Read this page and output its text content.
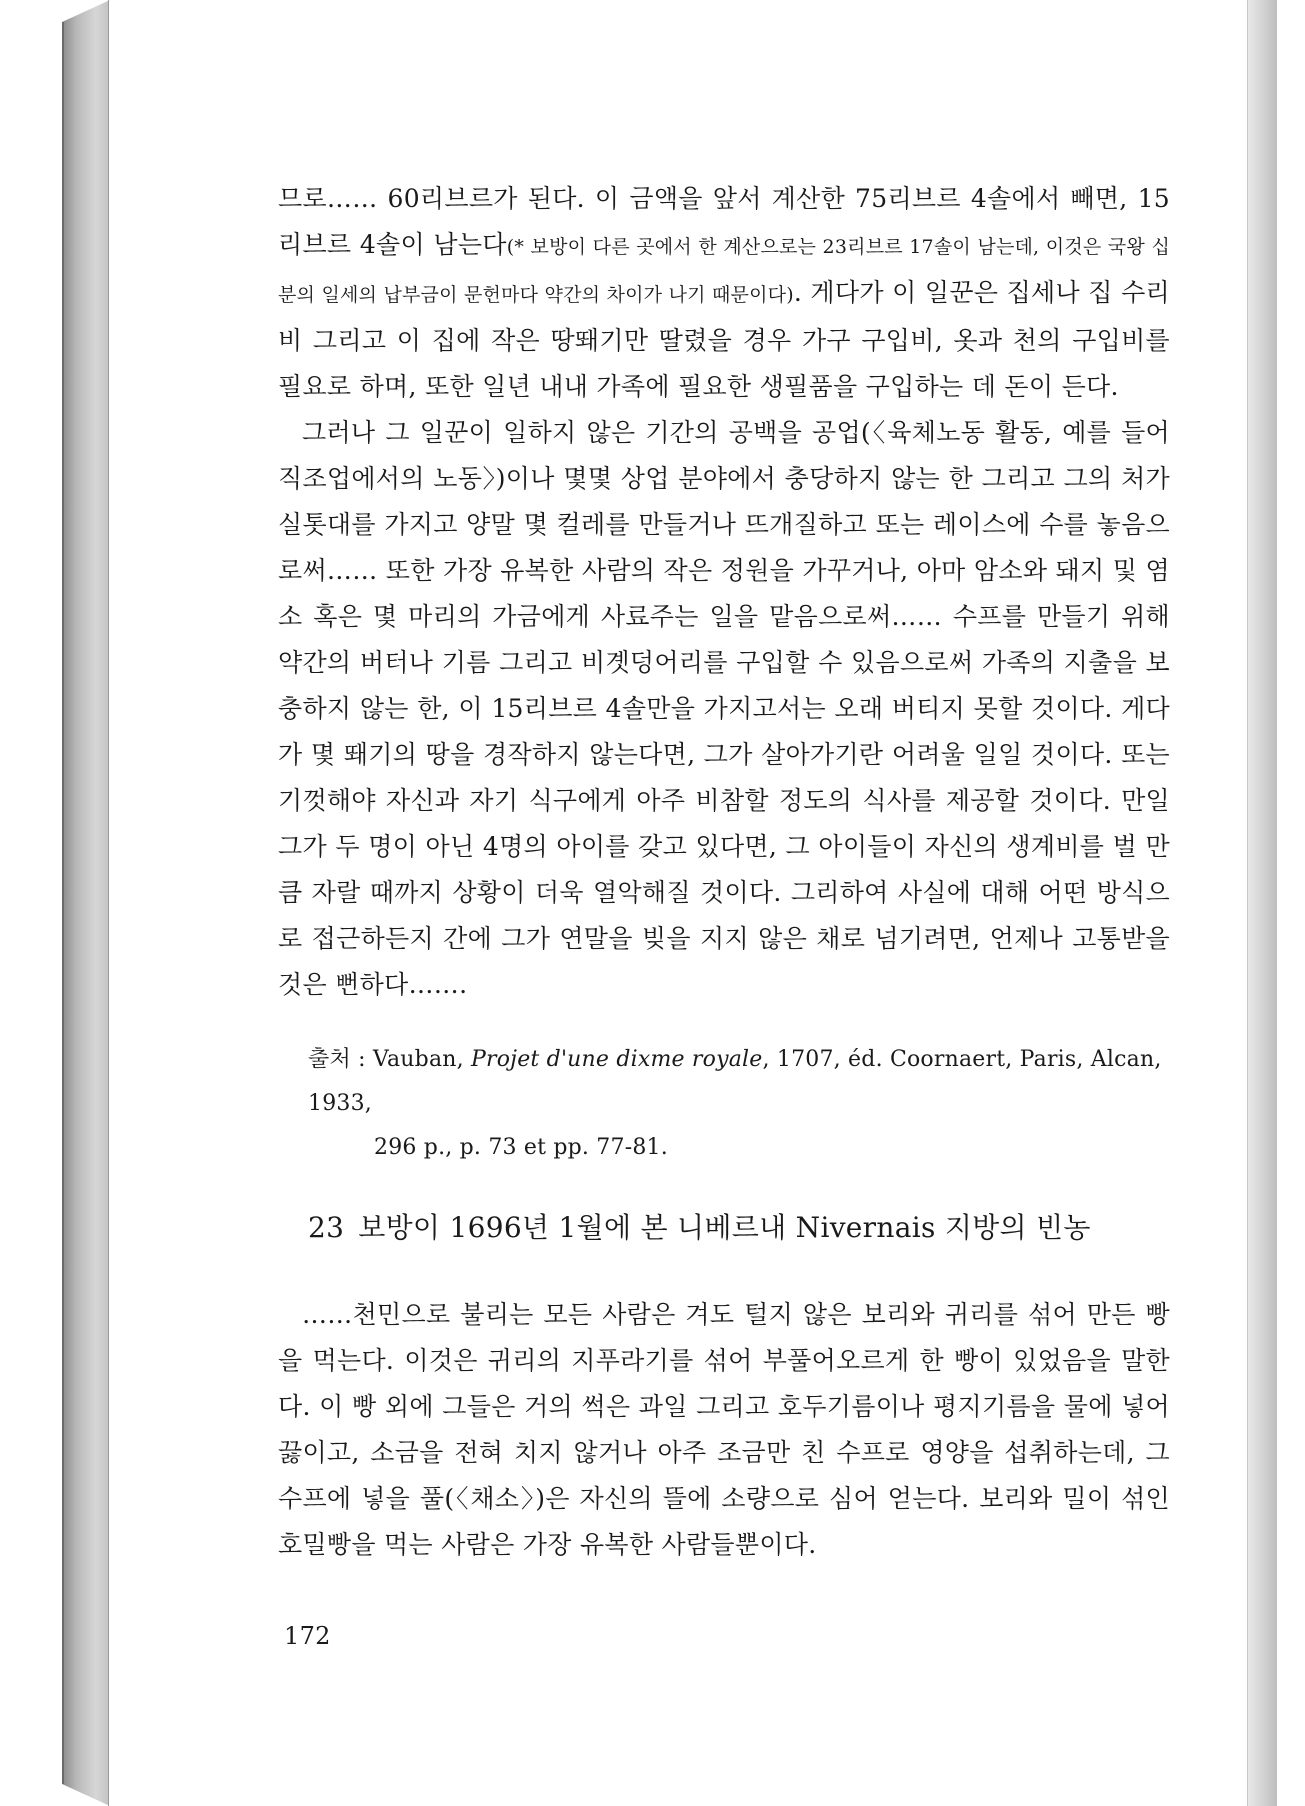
므로…… 60리브르가 된다. 이 금액을 앞서 계산한 75리브르 4솔에서 빼면, 15리브르 4솔이 남는다(* 보방이 다른 곳에서 한 계산으로는 23리브르 17솔이 남는데, 이것은 국왕 십분의 일세의 납부금이 문헌마다 약간의 차이가 나기 때문이다). 게다가 이 일꾼은 집세나 집 수리비 그리고 이 집에 작은 땅뙈기만 딸렸을 경우 가구 구입비, 옷과 천의 구입비를 필요로 하며, 또한 일년 내내 가족에 필요한 생필품을 구입하는 데 돈이 든다.

그러나 그 일꾼이 일하지 않은 기간의 공백을 공업(〈육체노동 활동, 예를 들어 직조업에서의 노동〉)이나 몇몇 상업 분야에서 충당하지 않는 한 그리고 그의 처가 실톳대를 가지고 양말 몇 컬레를 만들거나 뜨개질하고 또는 레이스에 수를 놓음으로써…… 또한 가장 유복한 사람의 작은 정원을 가꾸거나, 아마 암소와 돼지 및 염소 혹은 몇 마리의 가금에게 사료주는 일을 맡음으로써…… 수프를 만들기 위해 약간의 버터나 기름 그리고 비곗덩어리를 구입할 수 있음으로써 가족의 지출을 보충하지 않는 한, 이 15리브르 4솔만을 가지고서는 오래 버티지 못할 것이다. 게다가 몇 뙈기의 땅을 경작하지 않는다면, 그가 살아가기란 어려울 일일 것이다. 또는 기껏해야 자신과 자기 식구에게 아주 비참할 정도의 식사를 제공할 것이다. 만일 그가 두 명이 아닌 4명의 아이를 갖고 있다면, 그 아이들이 자신의 생계비를 벌 만큼 자랄 때까지 상황이 더욱 열악해질 것이다. 그리하여 사실에 대해 어떤 방식으로 접근하든지 간에 그가 연말을 빚을 지지 않은 채로 넘기려면, 언제나 고통받을 것은 뻔하다…….

출처 : Vauban, Projet d'une dixme royale, 1707, éd. Coornaert, Paris, Alcan, 1933,
296 p., p. 73 et pp. 77-81.
23 보방이 1696년 1월에 본 니베르내 Nivernais 지방의 빈농

……천민으로 불리는 모든 사람은 겨도 털지 않은 보리와 귀리를 섞어 만든 빵을 먹는다. 이것은 귀리의 지푸라기를 섞어 부풀어오르게 한 빵이 있었음을 말한다. 이 빵 외에 그들은 거의 썩은 과일 그리고 호두기름이나 평지기름을 물에 넣어 끓이고, 소금을 전혀 치지 않거나 아주 조금만 친 수프로 영양을 섭취하는데, 그 수프에 넣을 풀(〈채소〉)은 자신의 뜰에 소량으로 심어 얻는다. 보리와 밀이 섞인 호밀빵을 먹는 사람은 가장 유복한 사람들뿐이다.

172
